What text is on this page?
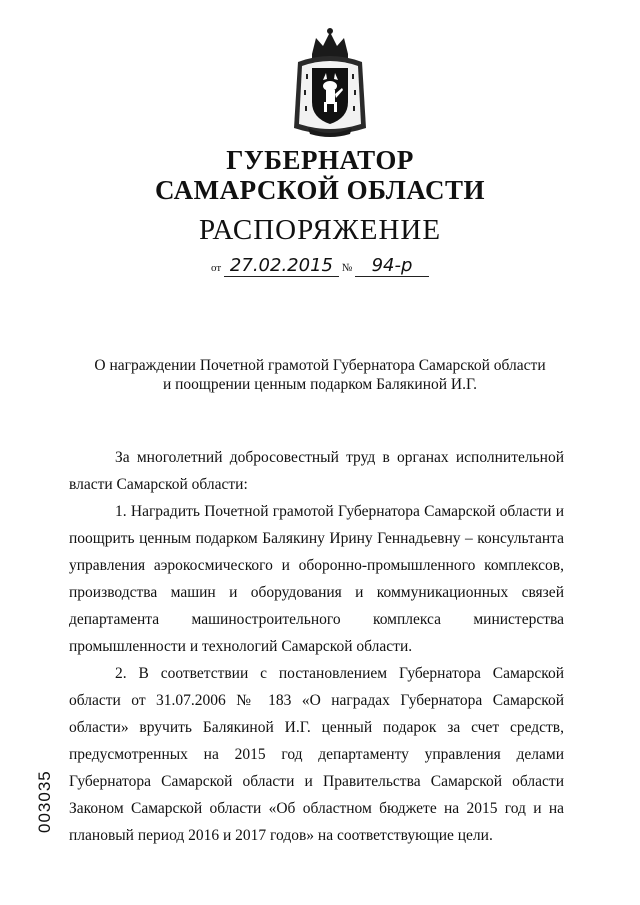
ГУБЕРНАТОР
САМАРСКОЙ ОБЛАСТИ
РАСПОРЯЖЕНИЕ
от 27.02.2015 № 94-р
О награждении Почетной грамотой Губернатора Самарской области
и поощрении ценным подарком Балякиной И.Г.

За многолетний добросовестный труд в органах исполнительной власти Самарской области:

1. Наградить Почетной грамотой Губернатора Самарской области и поощрить ценным подарком Балякину Ирину Геннадьевну – консультанта управления аэрокосмического и оборонно-промышленного комплексов, производства машин и оборудования и коммуникационных связей департамента машиностроительного комплекса министерства промышленности и технологий Самарской области.

2. В соответствии с постановлением Губернатора Самарской области от 31.07.2006 № 183 «О наградах Губернатора Самарской области» вручить Балякиной И.Г. ценный подарок за счет средств, предусмотренных на 2015 год департаменту управления делами Губернатора Самарской области и Правительства Самарской области Законом Самарской области «Об областном бюджете на 2015 год и на плановый период 2016 и 2017 годов» на соответствующие цели.

003035
